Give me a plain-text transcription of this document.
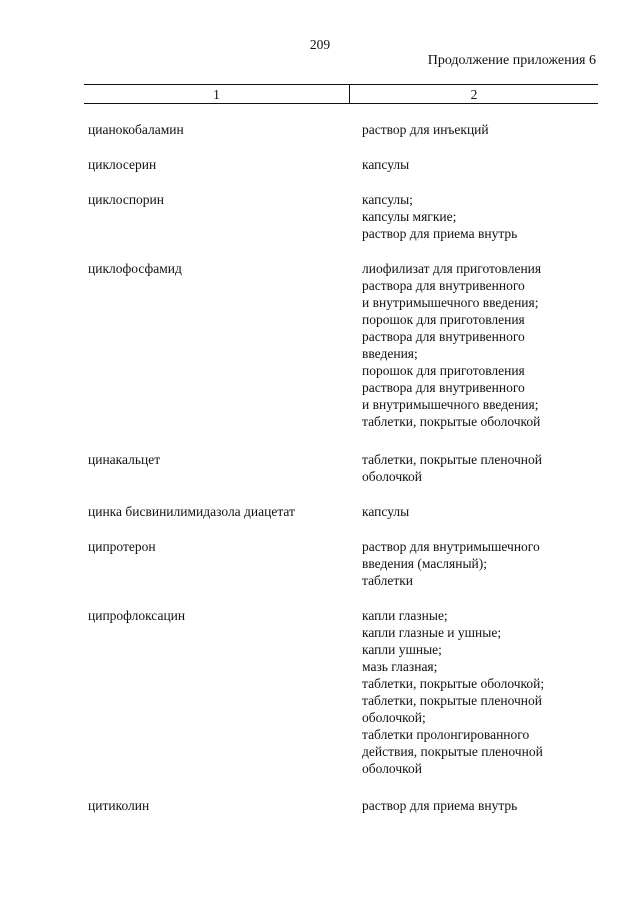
209
Продолжение приложения 6
1	2
цианокобаламин	раствор для инъекций
циклосерин	капсулы
циклоспорин	капсулы;
капсулы мягкие;
раствор для приема внутрь
циклофосфамид	лиофилизат для приготовления
раствора для внутривенного
и внутримышечного введения;
порошок для приготовления
раствора для внутривенного
введения;
порошок для приготовления
раствора для внутривенного
и внутримышечного введения;
таблетки, покрытые оболочкой
цинакальцет	таблетки, покрытые пленочной
оболочкой
цинка бисвинилимидазола диацетат	капсулы
ципротерон	раствор для внутримышечного
введения (масляный);
таблетки
ципрофлоксацин	капли глазные;
капли глазные и ушные;
капли ушные;
мазь глазная;
таблетки, покрытые оболочкой;
таблетки, покрытые пленочной
оболочкой;
таблетки пролонгированного
действия, покрытые пленочной
оболочкой
цитиколин	раствор для приема внутрь
